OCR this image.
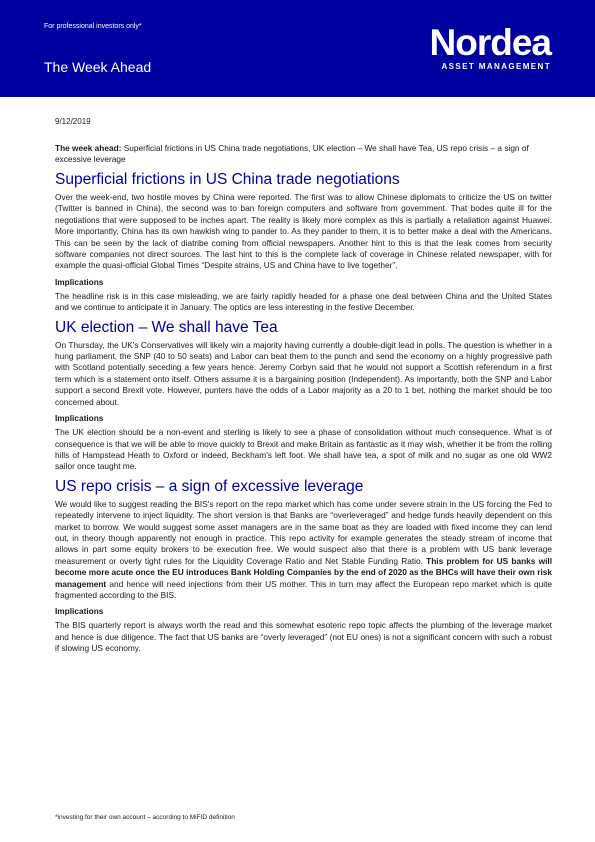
For professional investors only*
The Week Ahead
Nordea
ASSET MANAGEMENT
9/12/2019
The week ahead: Superficial frictions in US China trade negotiations, UK election – We shall have Tea, US repo crisis – a sign of excessive leverage
Superficial frictions in US China trade negotiations

Over the week-end, two hostile moves by China were reported. The first was to allow Chinese diplomats to criticize the US on twitter (Twitter is banned in China), the second was to ban foreign computers and software from government. That bodes quite ill for the negotiations that were supposed to be inches apart. The reality is likely more complex as this is partially a retaliation against Huawei. More importantly, China has its own hawkish wing to pander to. As they pander to them, it is to better make a deal with the Americans. This can be seen by the lack of diatribe coming from official newspapers. Another hint to this is that the leak comes from security software companies not direct sources. The last hint to this is the complete lack of coverage in Chinese related newspaper, with for example the quasi-official Global Times “Despite strains, US and China have to live together”.

Implications

The headline risk is in this case misleading, we are fairly rapidly headed for a phase one deal between China and the United States and we continue to anticipate it in January. The optics are less interesting in the festive December.

UK election – We shall have Tea

On Thursday, the UK's Conservatives will likely win a majority having currently a double-digit lead in polls. The question is whether in a hung parliament, the SNP (40 to 50 seats) and Labor can beat them to the punch and send the economy on a highly progressive path with Scotland potentially seceding a few years hence. Jeremy Corbyn said that he would not support a Scottish referendum in a first term which is a statement onto itself. Others assume it is a bargaining position (Independent). As importantly, both the SNP and Labor support a second Brexit vote. However, punters have the odds of a Labor majority as a 20 to 1 bet, nothing the market should be too concerned about.

Implications

The UK election should be a non-event and sterling is likely to see a phase of consolidation without much consequence. What is of consequence is that we will be able to move quickly to Brexit and make Britain as fantastic as it may wish, whether it be from the rolling hills of Hampstead Heath to Oxford or indeed, Beckham's left foot. We shall have tea, a spot of milk and no sugar as one old WW2 sailor once taught me.

US repo crisis – a sign of excessive leverage

We would like to suggest reading the BIS's report on the repo market which has come under severe strain in the US forcing the Fed to repeatedly intervene to inject liquidity. The short version is that Banks are “overleveraged” and hedge funds heavily dependent on this market to borrow. We would suggest some asset managers are in the same boat as they are loaded with fixed income they can lend out, in theory though apparently not enough in practice. This repo activity for example generates the steady stream of income that allows in part some equity brokers to be execution free. We would suspect also that there is a problem with US bank leverage measurement or overly tight rules for the Liquidity Coverage Ratio and Net Stable Funding Ratio. This problem for US banks will become more acute once the EU introduces Bank Holding Companies by the end of 2020 as the BHCs will have their own risk management and hence will need injections from their US mother. This in turn may affect the European repo market which is quite fragmented according to the BIS.

Implications

The BIS quarterly report is always worth the read and this somewhat esoteric repo topic affects the plumbing of the leverage market and hence is due diligence. The fact that US banks are “overly leveraged” (not EU ones) is not a significant concern with such a robust if slowing US economy.

*investing for their own account – according to MiFID definition
